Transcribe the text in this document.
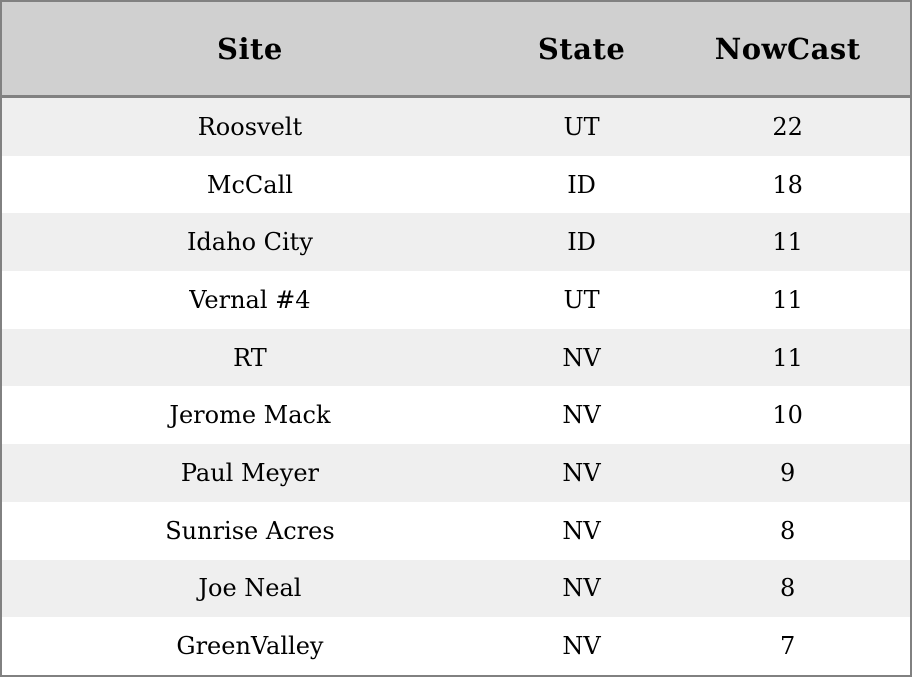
Site	State	NowCast
Roosvelt	UT	22
McCall	ID	18
Idaho City	ID	11
Vernal #4	UT	11
RT	NV	11
Jerome Mack	NV	10
Paul Meyer	NV	9
Sunrise Acres	NV	8
Joe Neal	NV	8
GreenValley	NV	7
